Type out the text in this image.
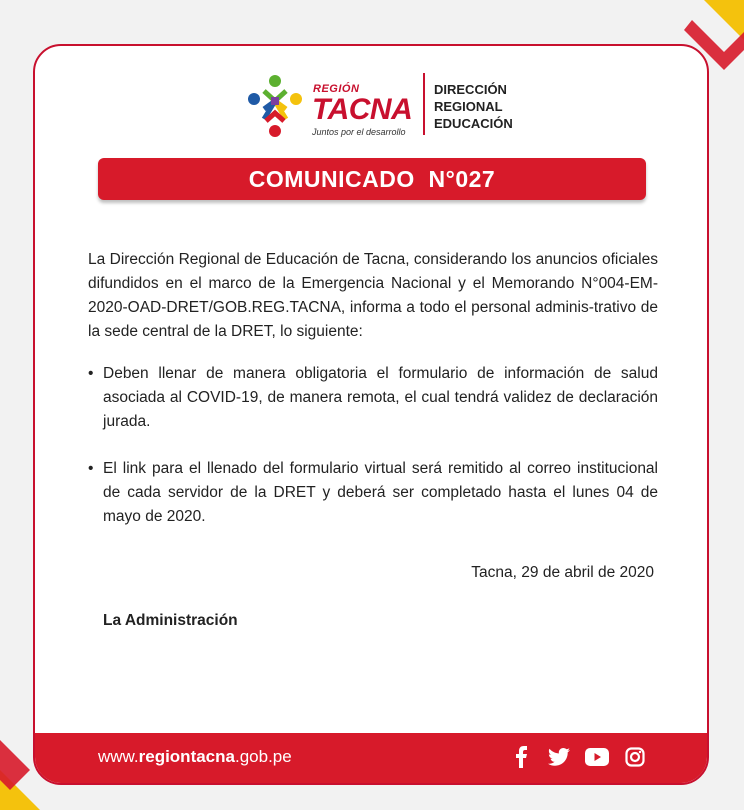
REGIÓN
TACNA
Juntos por el desarrollo
DIRECCIÓN
REGIONAL
EDUCACIÓN
COMUNICADO  N°027

La Dirección Regional de Educación de Tacna, considerando los anuncios oficiales difundidos en el marco de la Emergencia Nacional y el Memorando N°004-EM-2020-OAD-DRET/GOB.REG.TACNA, informa a todo el personal adminis-trativo de la sede central de la DRET, lo siguiente:

• Deben llenar de manera obligatoria el formulario de información de salud asociada al COVID-19, de manera remota, el cual tendrá validez de declaración jurada.
• El link para el llenado del formulario virtual será remitido al correo institucional de cada servidor de la DRET y deberá ser completado hasta el lunes 04 de mayo de 2020.
Tacna, 29 de abril de 2020
La Administración
www.regiontacna.gob.pe
